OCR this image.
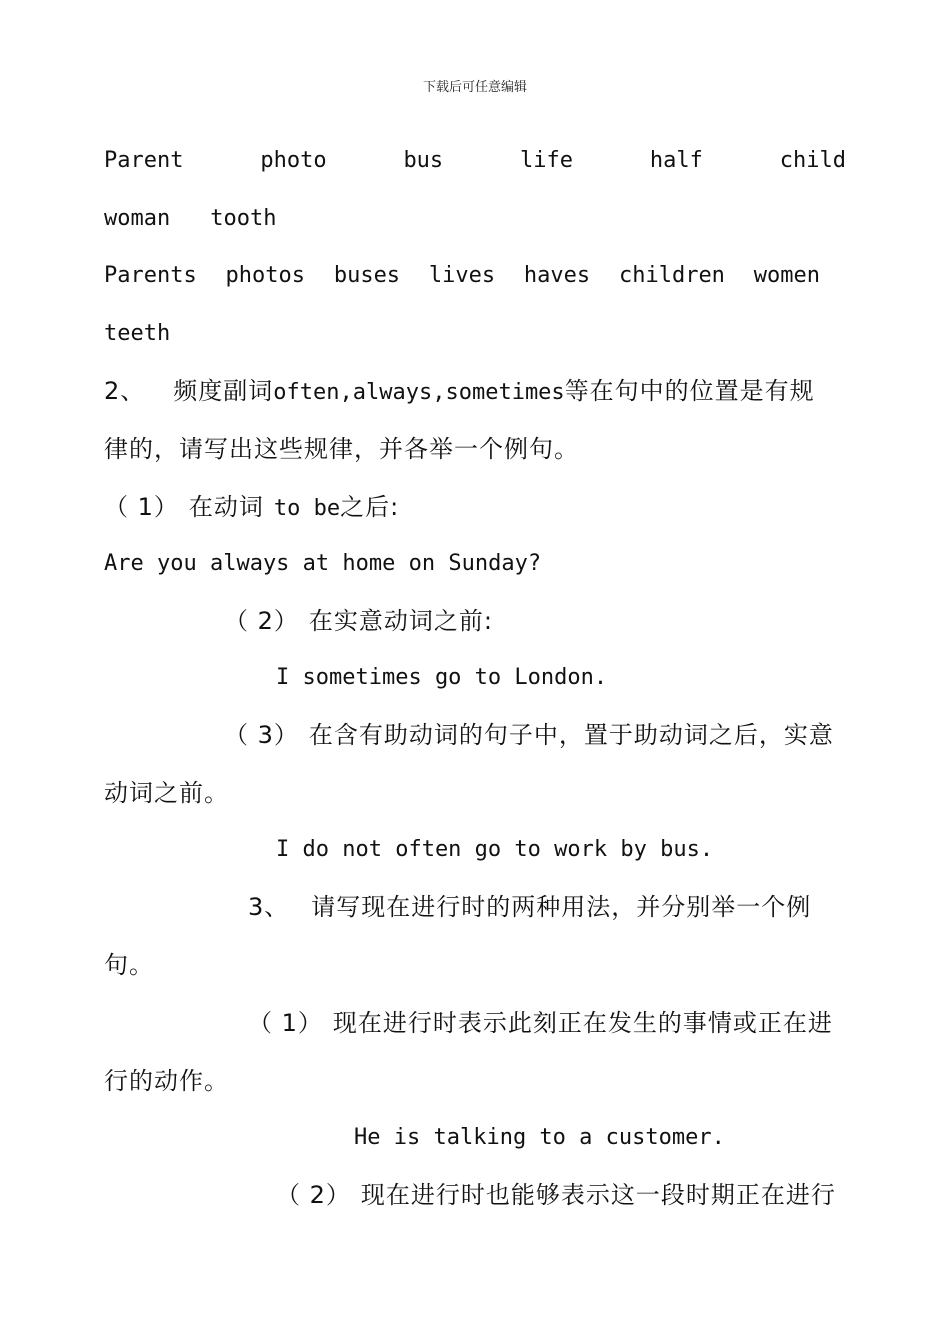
下载后可任意编辑
Parent	photo	bus	life	half	child
woman tooth
Parents photos buses lives haves children women
teeth
2、 频度副词often,always,sometimes等在句中的位置是有规
律的，请写出这些规律，并各举一个例句。
（ 1） 在动词 to be之后:
Are you always at home on Sunday?
（ 2） 在实意动词之前:
I sometimes go to London.
（ 3） 在含有助动词的句子中，置于助动词之后，实意
动词之前。
I do not often go to work by bus.
3、 请写现在进行时的两种用法，并分别举一个例
句。
（ 1） 现在进行时表示此刻正在发生的事情或正在进
行的动作。
He is talking to a customer.
（ 2） 现在进行时也能够表示这一段时期正在进行
